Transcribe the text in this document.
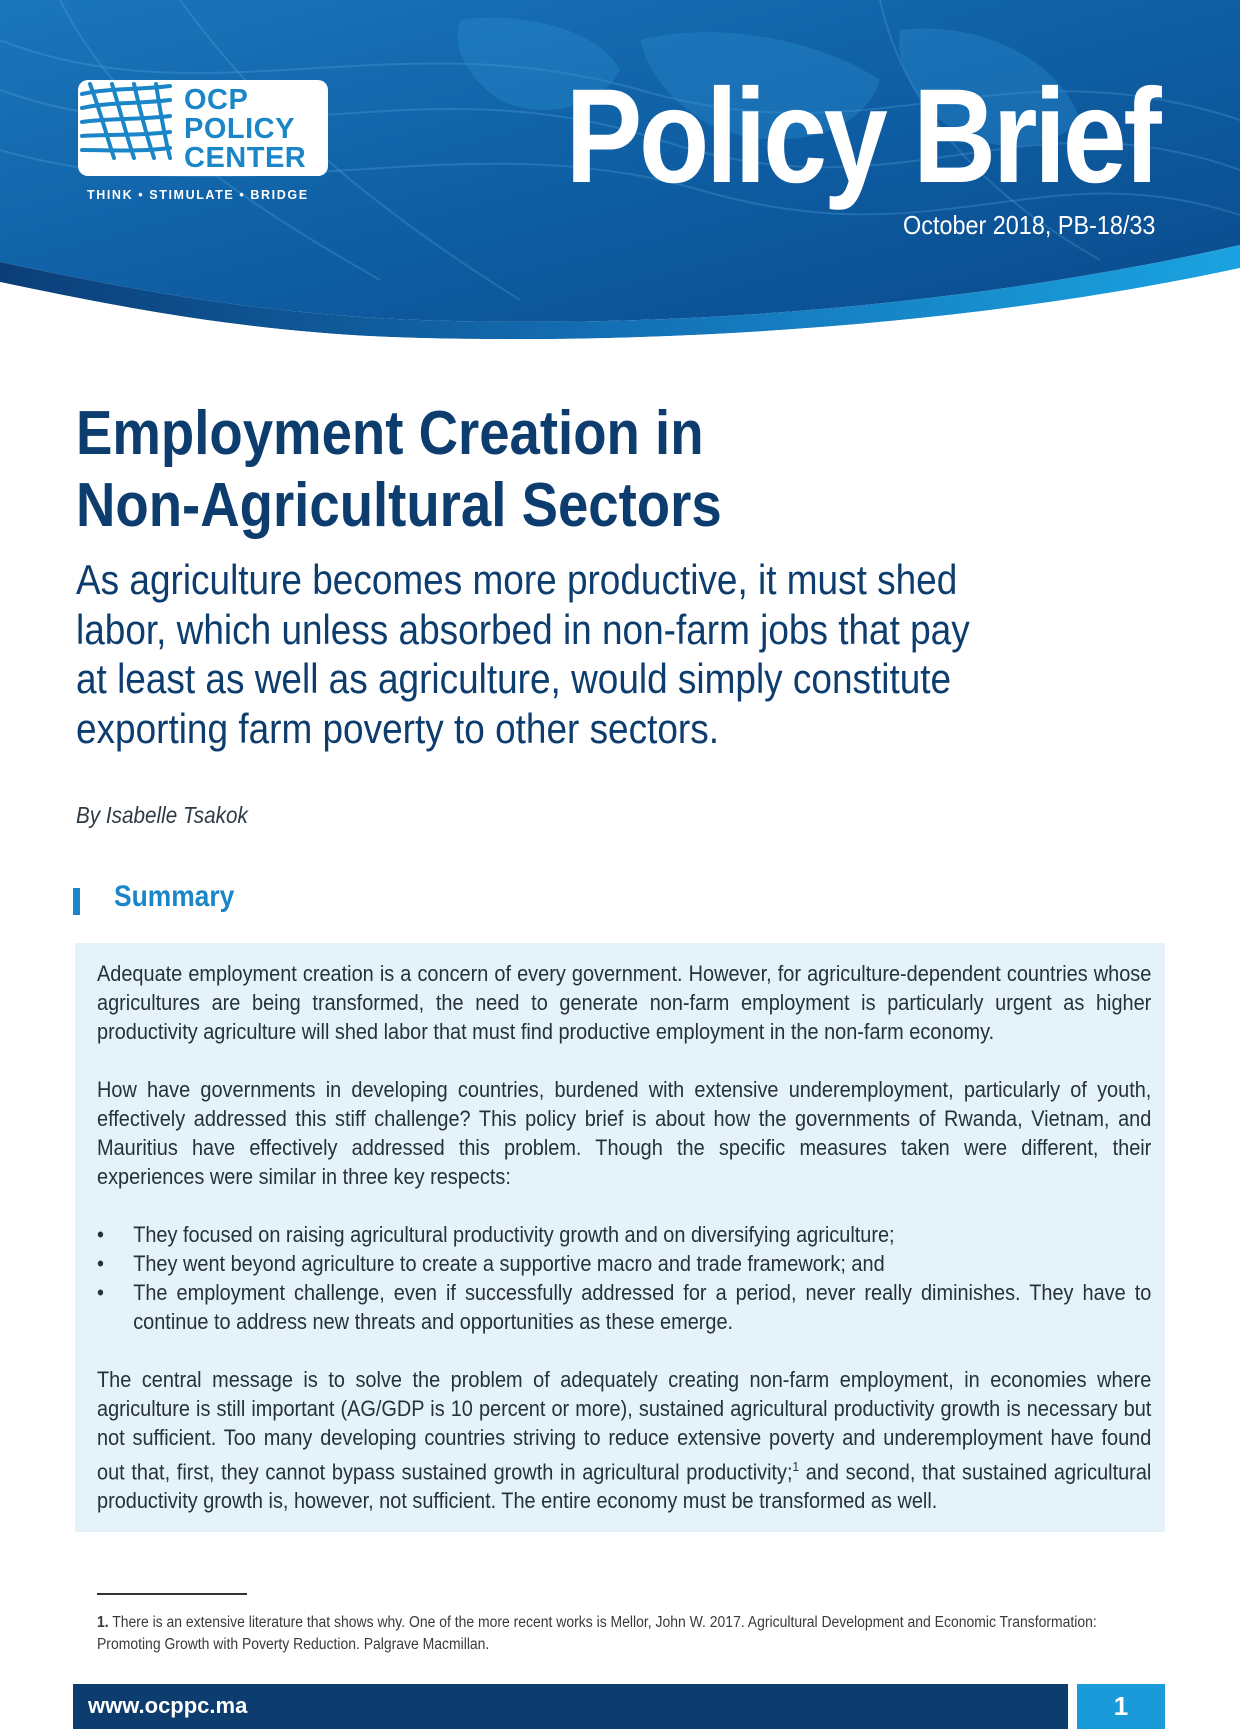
OCP
POLICY
CENTER
THINK • STIMULATE • BRIDGE Policy Brief
October 2018, PB-18/33
Employment Creation in
Non-Agricultural Sectors
As agriculture becomes more productive, it must shed
labor, which unless absorbed in non-farm jobs that pay
at least as well as agriculture, would simply constitute
exporting farm poverty to other sectors.
By Isabelle Tsakok
Summary

Adequate employment creation is a concern of every government. However, for agriculture-dependent countries whose agricultures are being transformed, the need to generate non-farm employment is particularly urgent as higher productivity agriculture will shed labor that must find productive employment in the non-farm economy.

How have governments in developing countries, burdened with extensive underemployment, particularly of youth, effectively addressed this stiff challenge? This policy brief is about how the governments of Rwanda, Vietnam, and Mauritius have effectively addressed this problem. Though the specific measures taken were different, their experiences were similar in three key respects:

• They focused on raising agricultural productivity growth and on diversifying agriculture;
• They went beyond agriculture to create a supportive macro and trade framework; and
• The employment challenge, even if successfully addressed for a period, never really diminishes. They have to continue to address new threats and opportunities as these emerge.

The central message is to solve the problem of adequately creating non-farm employment, in economies where agriculture is still important (AG/GDP is 10 percent or more), sustained agricultural productivity growth is necessary but not sufficient. Too many developing countries striving to reduce extensive poverty and underemployment have found out that, first, they cannot bypass sustained growth in agricultural productivity;$^1$ and second, that sustained agricultural productivity growth is, however, not sufficient. The entire economy must be transformed as well.

1. There is an extensive literature that shows why. One of the more recent works is Mellor, John W. 2017. Agricultural Development and Economic Transformation: Promoting Growth with Poverty Reduction. Palgrave Macmillan.
www.ocppc.ma	1
